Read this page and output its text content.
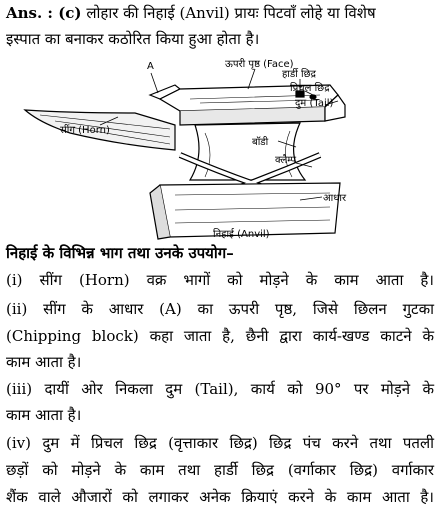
Ans. : (c) लोहार की निहाई (Anvil) प्रायः पिटवाँ लोहे या विशेष
इस्पात का बनाकर कठोरित किया हुआ होता है।
A	ऊपरी पृष्ठ (Face)
हार्डी छिद्र
प्रिचल छिद्र
दुम (Tail)
सींग (Horn)
बॉडी
क्लैम्प
आधार
निहाई (Anvil)
निहाई के विभिन्न भाग तथा उनके उपयोग–
(i) सींग (Horn) वक्र भागों को मोड़ने के काम आता है।
(ii) सींग के आधार (A) का ऊपरी पृष्ठ, जिसे छिलन गुटका
(Chipping block) कहा जाता है, छैनी द्वारा कार्य-खण्ड काटने के
काम आता है।
(iii) दायीं ओर निकला दुम (Tail), कार्य को 90° पर मोड़ने के
काम आता है।
(iv) दुम में प्रिचल छिद्र (वृत्ताकार छिद्र) छिद्र पंच करने तथा पतली
छड़ों को मोड़ने के काम तथा हार्डी छिद्र (वर्गाकार छिद्र) वर्गाकार
शैंक वाले औजारों को लगाकर अनेक क्रियाएं करने के काम आता है।
